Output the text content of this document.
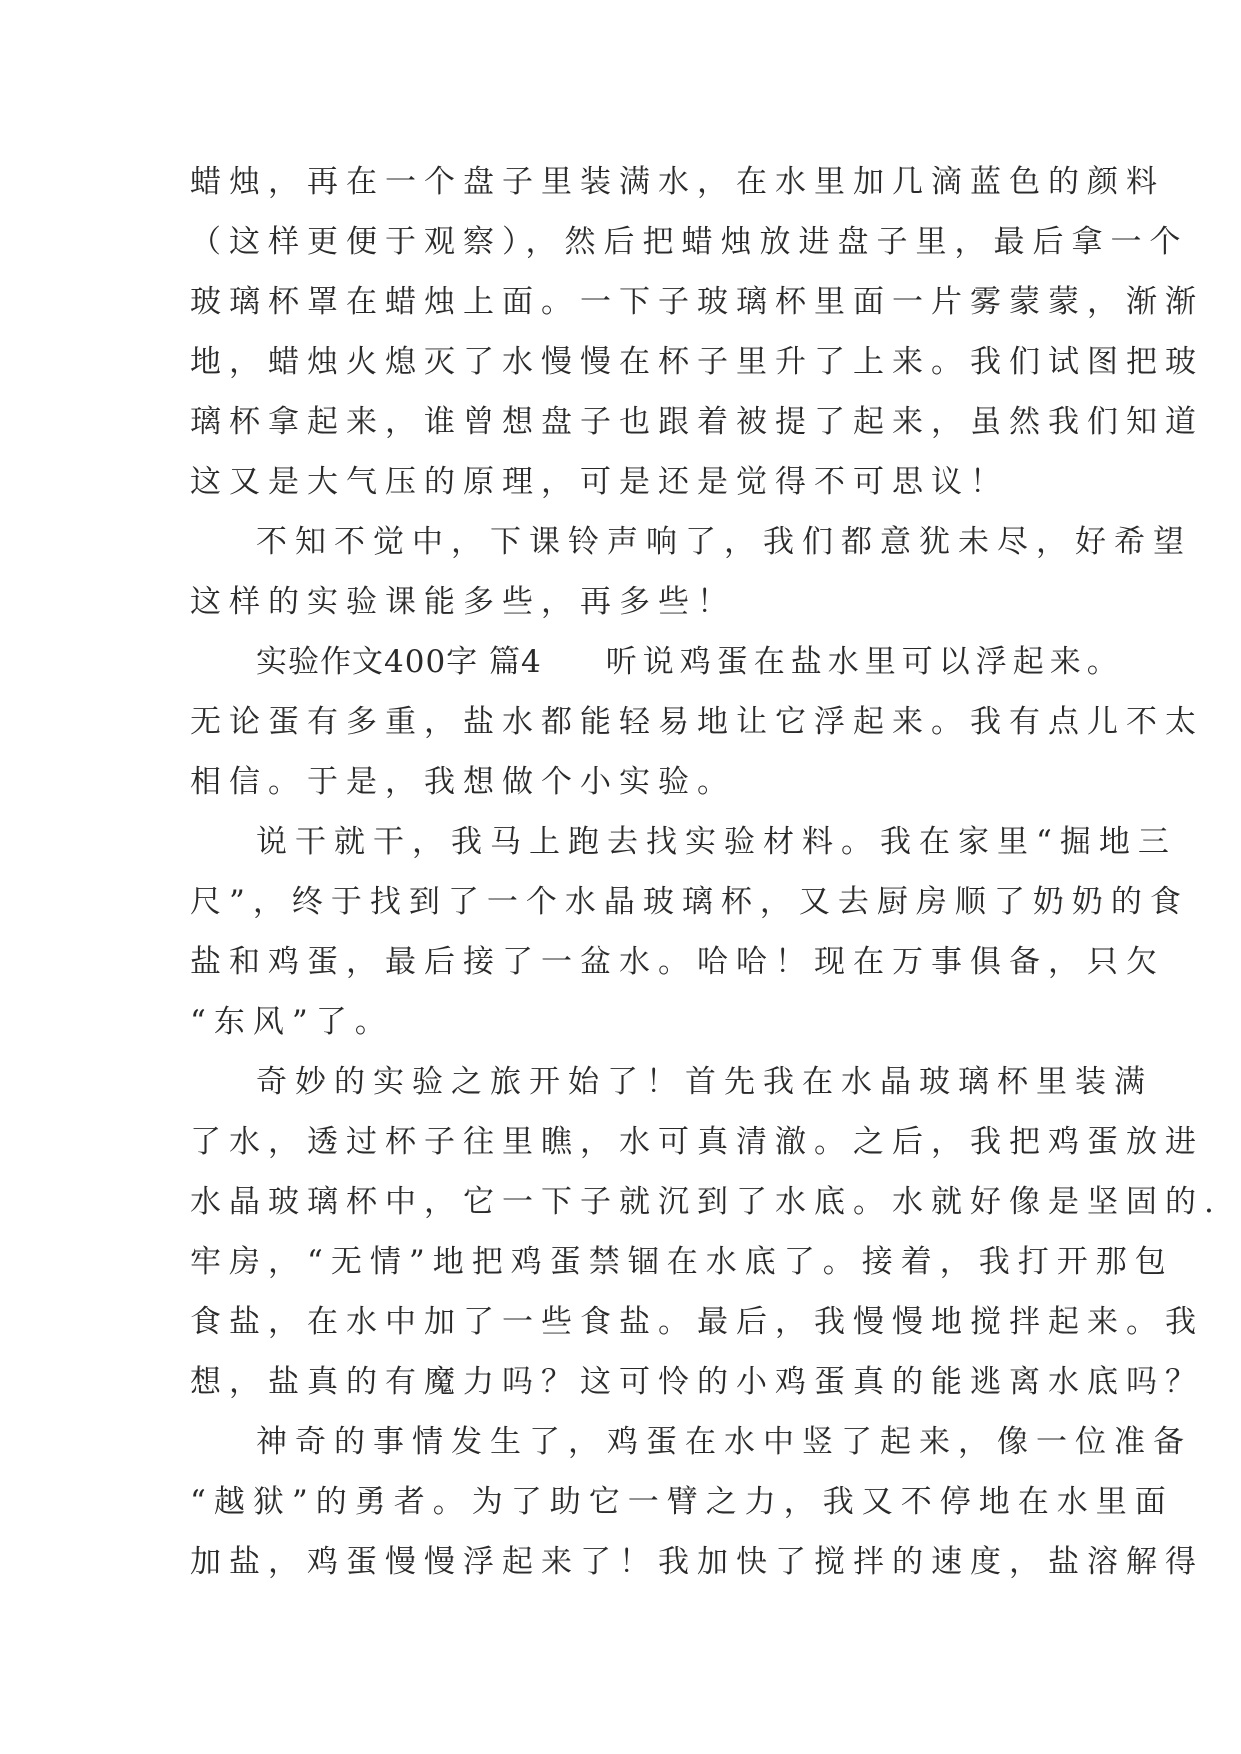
蜡烛，再在一个盘子里装满水，在水里加几滴蓝色的颜料
（这样更便于观察），然后把蜡烛放进盘子里，最后拿一个
玻璃杯罩在蜡烛上面。一下子玻璃杯里面一片雾蒙蒙，渐渐
地，蜡烛火熄灭了水慢慢在杯子里升了上来。我们试图把玻
璃杯拿起来，谁曾想盘子也跟着被提了起来，虽然我们知道
这又是大气压的原理，可是还是觉得不可思议！
不知不觉中，下课铃声响了，我们都意犹未尽，好希望
这样的实验课能多些，再多些！
实验作文400字 篇4 听说鸡蛋在盐水里可以浮起来。
无论蛋有多重，盐水都能轻易地让它浮起来。我有点儿不太
相信。于是，我想做个小实验。
说干就干，我马上跑去找实验材料。我在家里“掘地三
尺”，终于找到了一个水晶玻璃杯，又去厨房顺了奶奶的食
盐和鸡蛋，最后接了一盆水。哈哈！现在万事俱备，只欠
“东风”了。
奇妙的实验之旅开始了！首先我在水晶玻璃杯里装满
了水，透过杯子往里瞧，水可真清澈。之后，我把鸡蛋放进
水晶玻璃杯中，它一下子就沉到了水底。水就好像是坚固的.
牢房，“无情”地把鸡蛋禁锢在水底了。接着，我打开那包
食盐，在水中加了一些食盐。最后，我慢慢地搅拌起来。我
想，盐真的有魔力吗？这可怜的小鸡蛋真的能逃离水底吗？
神奇的事情发生了，鸡蛋在水中竖了起来，像一位准备
“越狱”的勇者。为了助它一臂之力，我又不停地在水里面
加盐，鸡蛋慢慢浮起来了！我加快了搅拌的速度，盐溶解得
